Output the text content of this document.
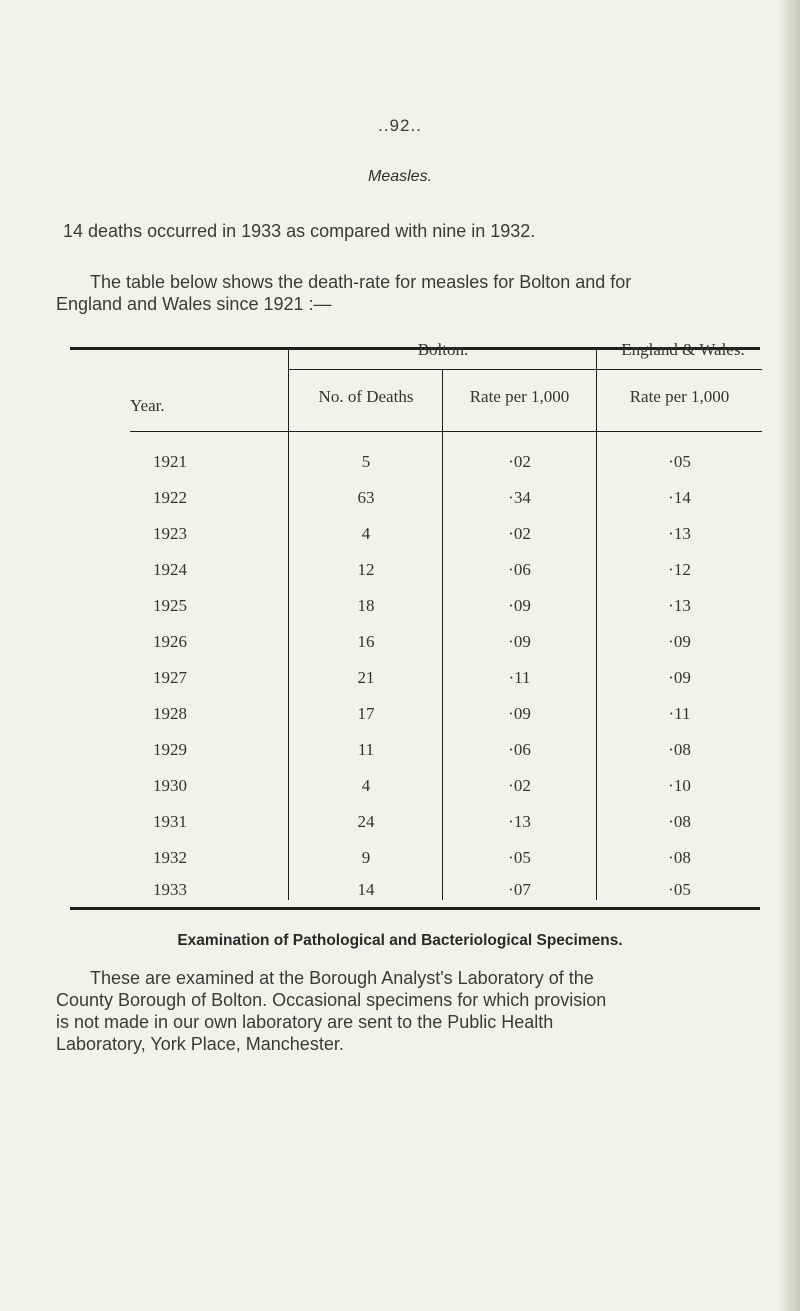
..92..
Measles.
14 deaths occurred in 1933 as compared with nine in 1932.
The table below shows the death-rate for measles for Bolton and for
England and Wales since 1921 :—
Year.
Bolton.	England & Wales.
No. of Deaths	Rate per 1,000	Rate per 1,000
1921	5	·02	·05
1922	63	·34	·14
1923	4	·02	·13
1924	12	·06	·12
1925	18	·09	·13
1926	16	·09	·09
1927	21	·11	·09
1928	17	·09	·11
1929	11	·06	·08
1930	4	·02	·10
1931	24	·13	·08
1932	9	·05	·08
1933	14	·07	·05
Examination of Pathological and Bacteriological Specimens.
These are examined at the Borough Analyst's Laboratory of the
County Borough of Bolton. Occasional specimens for which provision
is not made in our own laboratory are sent to the Public Health
Laboratory, York Place, Manchester.
